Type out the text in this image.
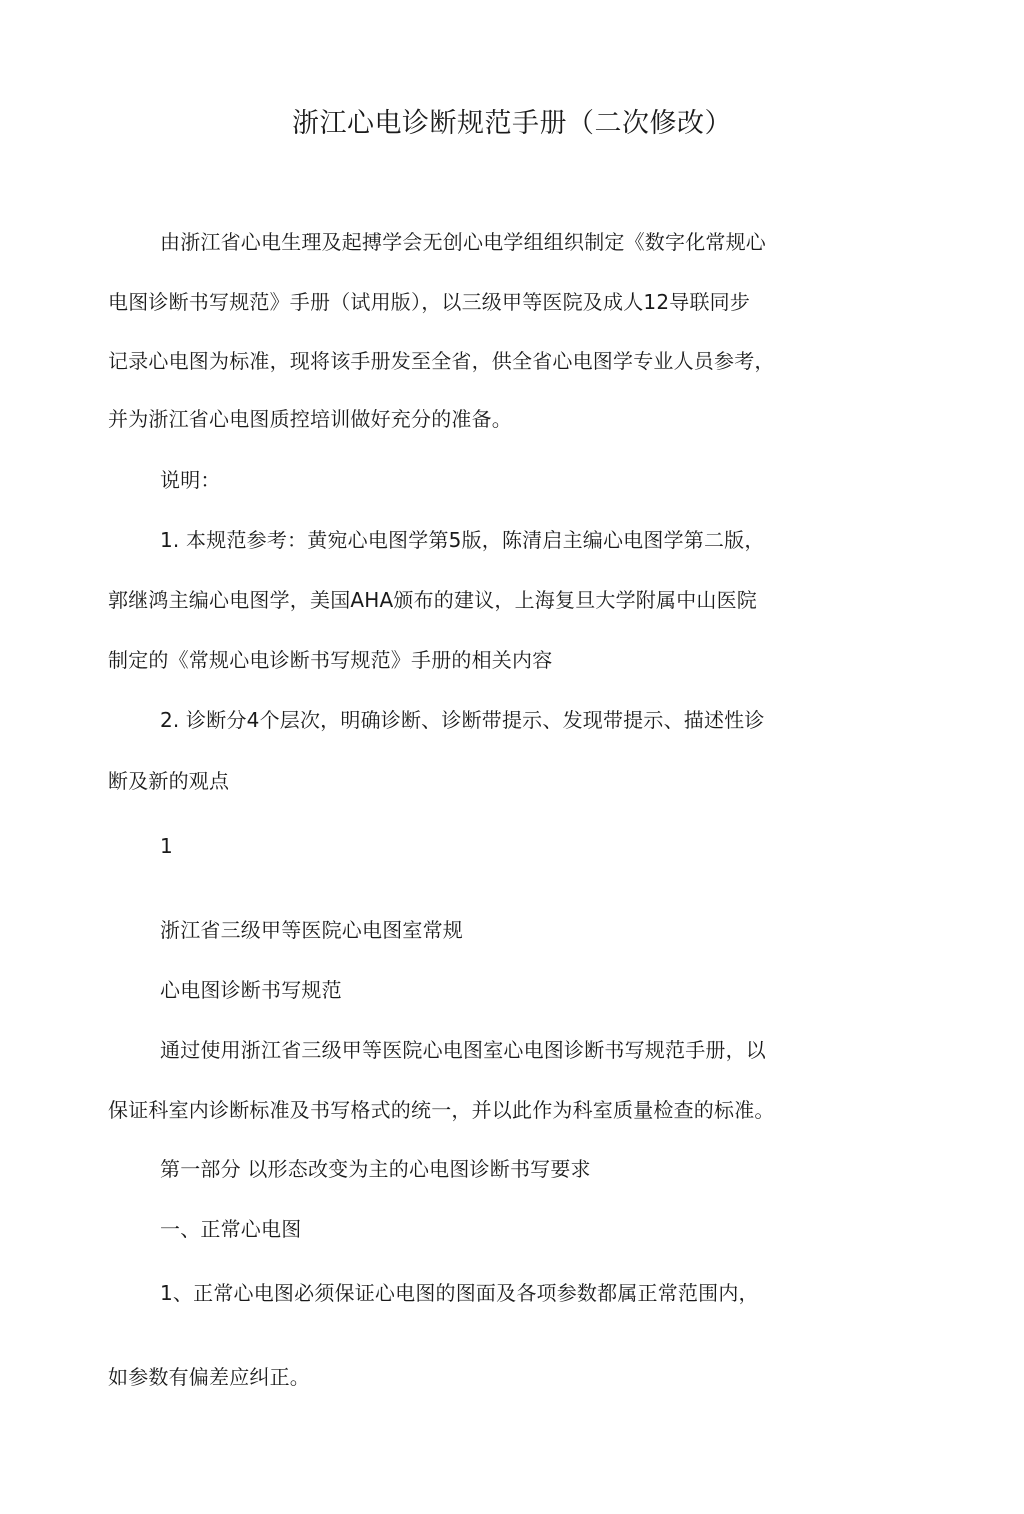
浙江心电诊断规范手册（二次修改）

由浙江省心电生理及起搏学会无创心电学组组织制定《数字化常规心

电图诊断书写规范》手册（试用版），以三级甲等医院及成人12导联同步

记录心电图为标准，现将该手册发至全省，供全省心电图学专业人员参考，

并为浙江省心电图质控培训做好充分的准备。

说明：

1. 本规范参考：黄宛心电图学第5版，陈清启主编心电图学第二版，

郭继鸿主编心电图学，美国AHA颁布的建议，上海复旦大学附属中山医院

制定的《常规心电诊断书写规范》手册的相关内容

2. 诊断分4个层次，明确诊断、诊断带提示、发现带提示、描述性诊

断及新的观点

1

浙江省三级甲等医院心电图室常规

心电图诊断书写规范

通过使用浙江省三级甲等医院心电图室心电图诊断书写规范手册，以

保证科室内诊断标准及书写格式的统一，并以此作为科室质量检查的标准。

第一部分 以形态改变为主的心电图诊断书写要求

一、正常心电图

1、正常心电图必须保证心电图的图面及各项参数都属正常范围内，

如参数有偏差应纠正。
